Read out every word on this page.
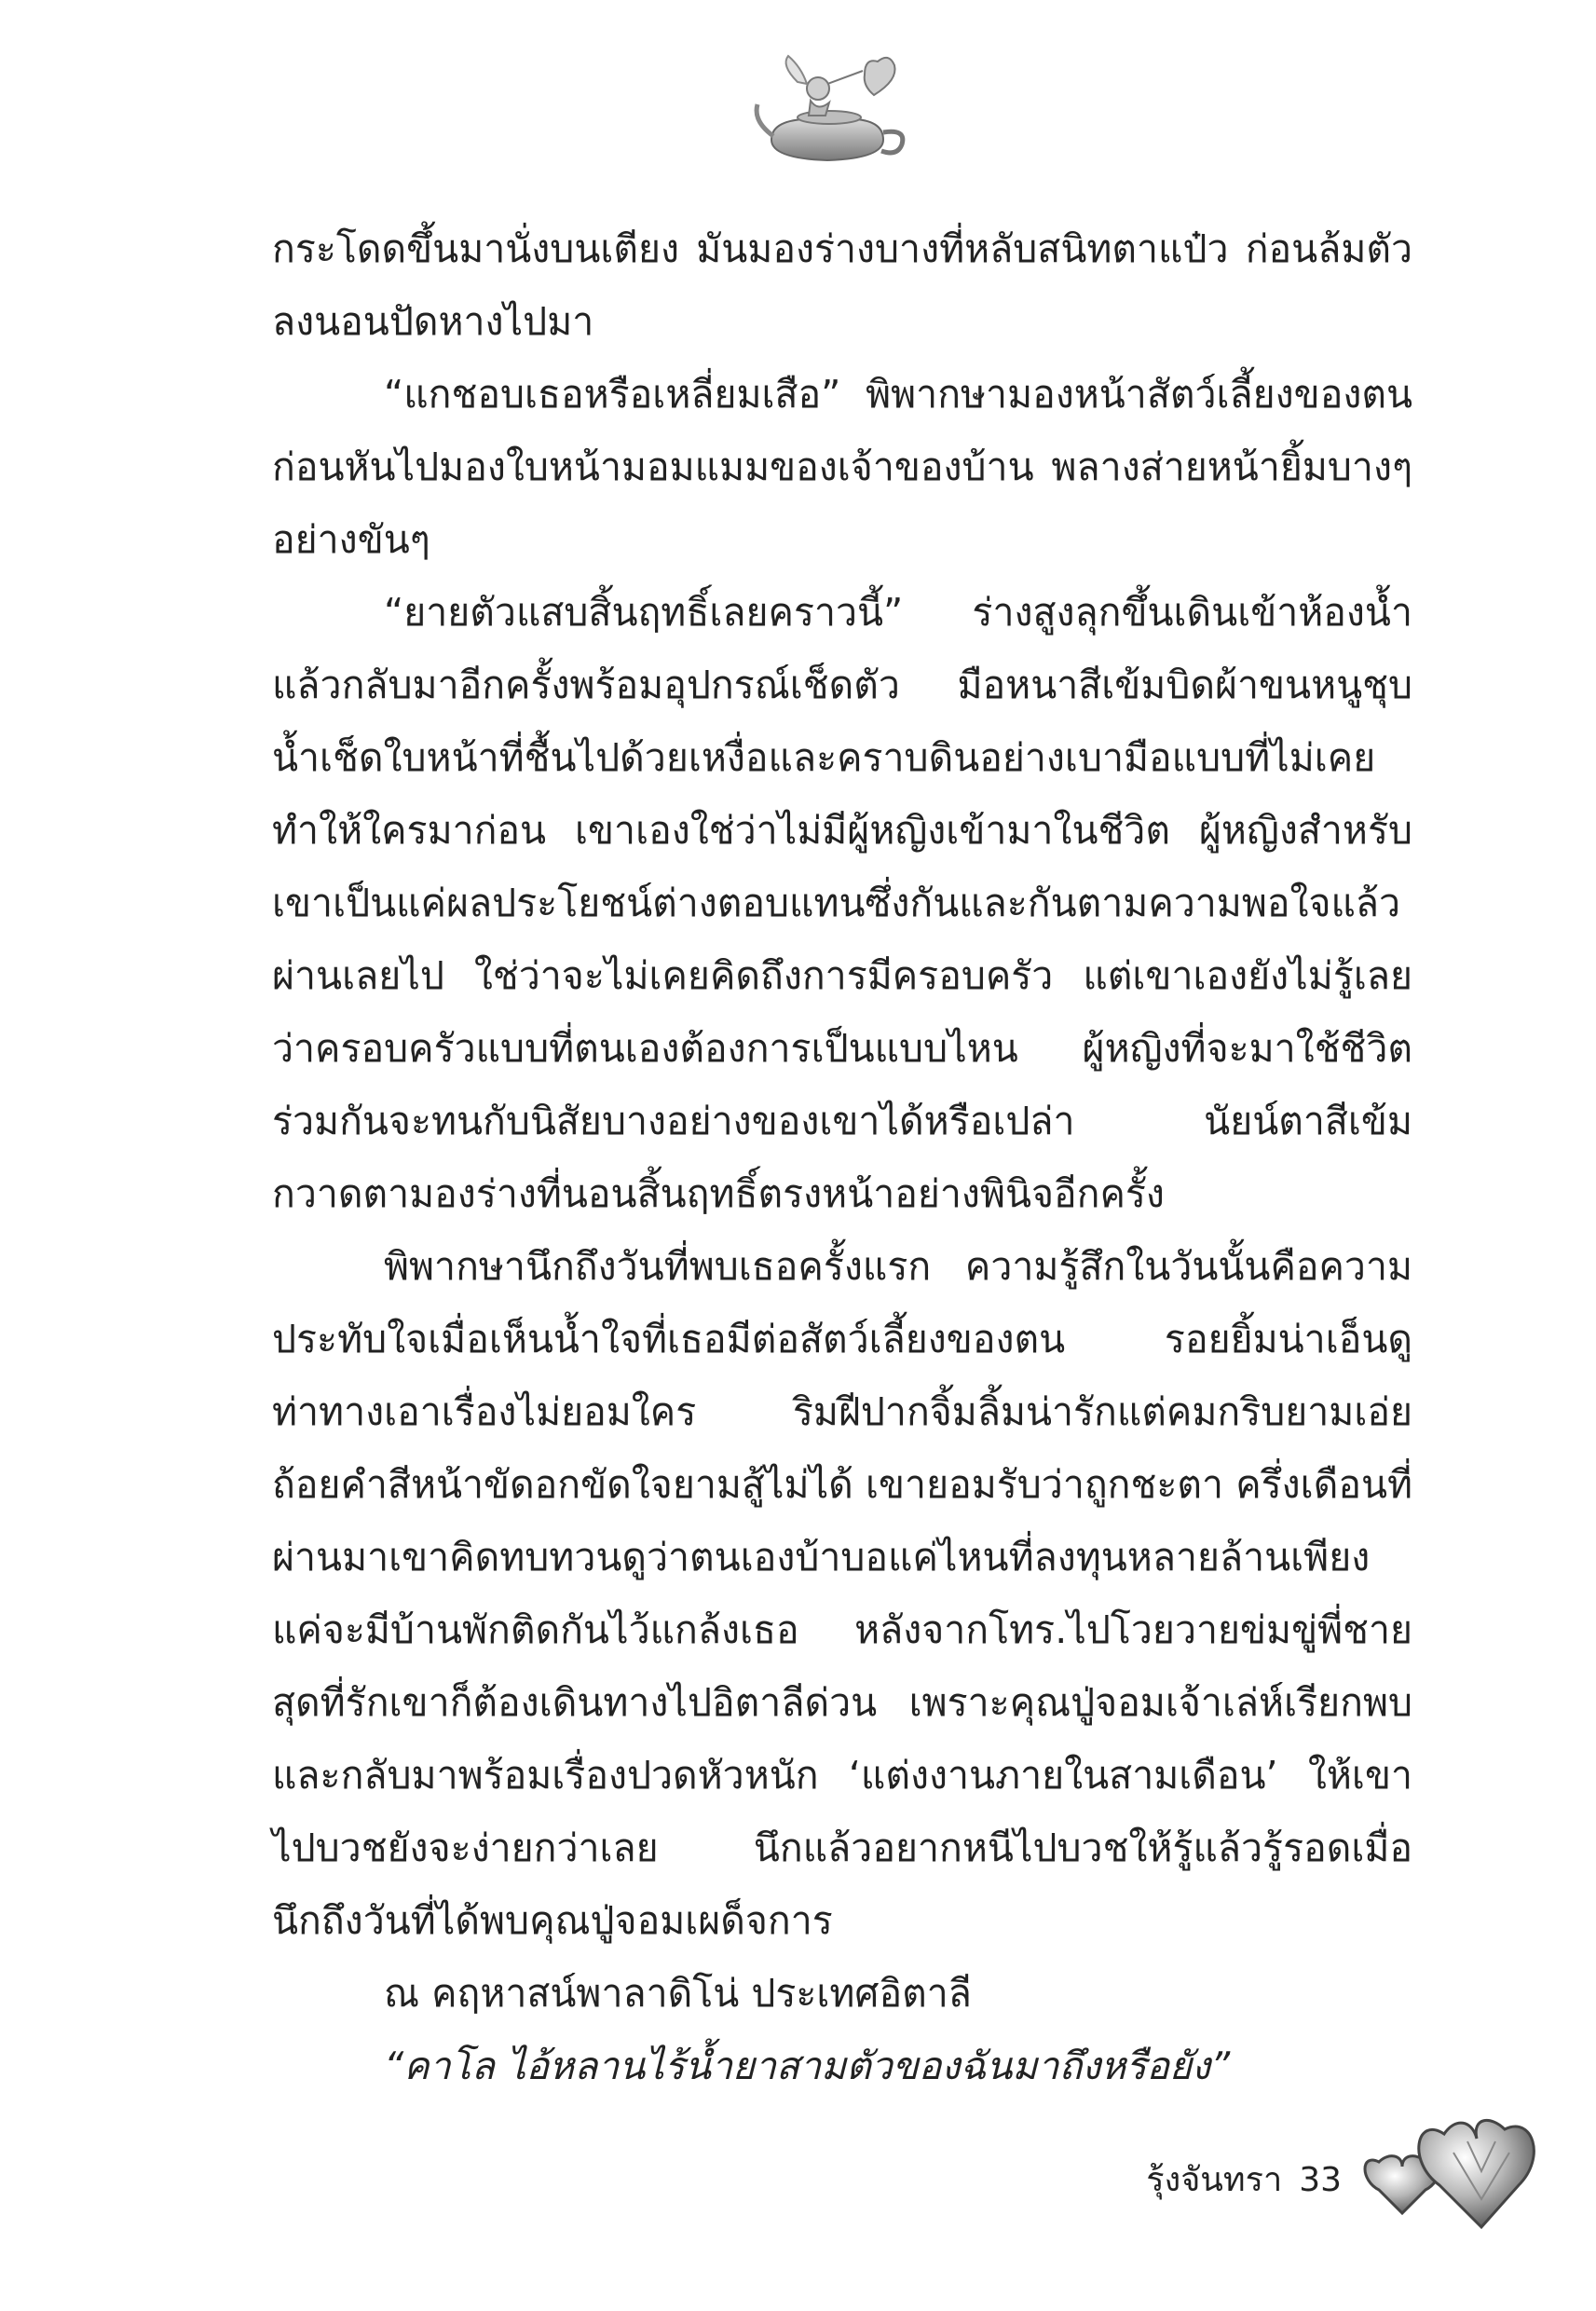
กระโดดขึ้นมานั่งบนเตียง มันมองร่างบางที่หลับสนิทตาแป๋ว ก่อนล้มตัวลงนอนปัดหางไปมา

“แกชอบเธอหรือเหลี่ยมเสือ” พิพากษามองหน้าสัตว์เลี้ยงของตน ก่อนหันไปมองใบหน้ามอมแมมของเจ้าของบ้าน พลางส่ายหน้ายิ้มบางๆ อย่างขันๆ

“ยายตัวแสบสิ้นฤทธิ์เลยคราวนี้” ร่างสูงลุกขึ้นเดินเข้าห้องน้ำแล้วกลับมาอีกครั้งพร้อมอุปกรณ์เช็ดตัว มือหนาสีเข้มบิดผ้าขนหนูชุบน้ำเช็ดใบหน้าที่ชื้นไปด้วยเหงื่อและคราบดินอย่างเบามือแบบที่ไม่เคยทำให้ใครมาก่อน เขาเองใช่ว่าไม่มีผู้หญิงเข้ามาในชีวิต ผู้หญิงสำหรับเขาเป็นแค่ผลประโยชน์ต่างตอบแทนซึ่งกันและกันตามความพอใจแล้วผ่านเลยไป ใช่ว่าจะไม่เคยคิดถึงการมีครอบครัว แต่เขาเองยังไม่รู้เลยว่าครอบครัวแบบที่ตนเองต้องการเป็นแบบไหน ผู้หญิงที่จะมาใช้ชีวิตร่วมกันจะทนกับนิสัยบางอย่างของเขาได้หรือเปล่า นัยน์ตาสีเข้มกวาดตามองร่างที่นอนสิ้นฤทธิ์ตรงหน้าอย่างพินิจอีกครั้ง

พิพากษานึกถึงวันที่พบเธอครั้งแรก ความรู้สึกในวันนั้นคือความประทับใจเมื่อเห็นน้ำใจที่เธอมีต่อสัตว์เลี้ยงของตน รอยยิ้มน่าเอ็นดูท่าทางเอาเรื่องไม่ยอมใคร ริมฝีปากจิ้มลิ้มน่ารักแต่คมกริบยามเอ่ยถ้อยคำสีหน้าขัดอกขัดใจยามสู้ไม่ได้ เขายอมรับว่าถูกชะตา ครึ่งเดือนที่ผ่านมาเขาคิดทบทวนดูว่าตนเองบ้าบอแค่ไหนที่ลงทุนหลายล้านเพียงแค่จะมีบ้านพักติดกันไว้แกล้งเธอ หลังจากโทร.ไปโวยวายข่มขู่พี่ชายสุดที่รักเขาก็ต้องเดินทางไปอิตาลีด่วน เพราะคุณปู่จอมเจ้าเล่ห์เรียกพบ และกลับมาพร้อมเรื่องปวดหัวหนัก ‘แต่งงานภายในสามเดือน’ ให้เขาไปบวชยังจะง่ายกว่าเลย นึกแล้วอยากหนีไปบวชให้รู้แล้วรู้รอดเมื่อนึกถึงวันที่ได้พบคุณปู่จอมเผด็จการ

ณ คฤหาสน์พาลาดิโน่ ประเทศอิตาลี

“คาโล ไอ้หลานไร้น้ำยาสามตัวของฉันมาถึงหรือยัง”

รุ้งจันทรา 33
